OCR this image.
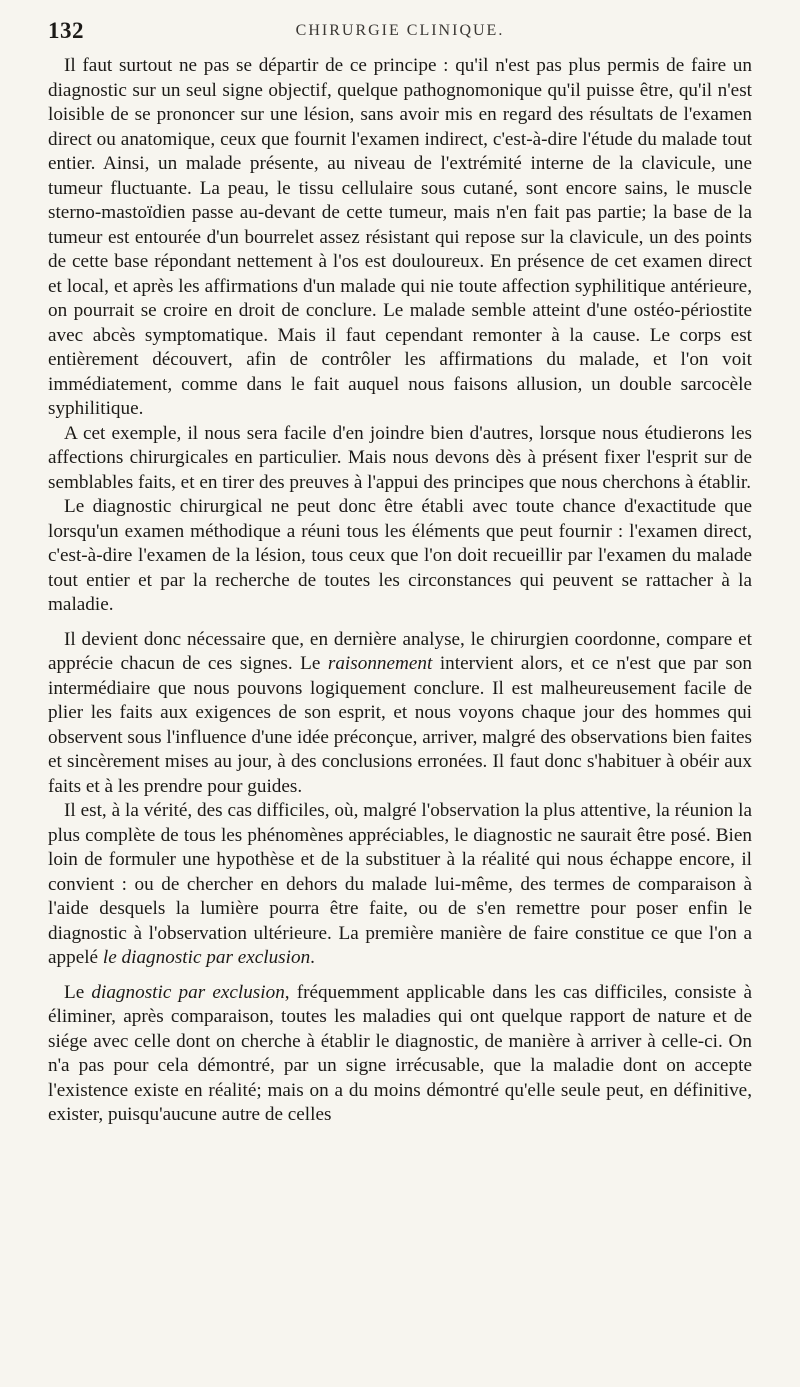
132	CHIRURGIE CLINIQUE.

Il faut surtout ne pas se départir de ce principe : qu'il n'est pas plus permis de faire un diagnostic sur un seul signe objectif, quelque pathognomonique qu'il puisse être, qu'il n'est loisible de se prononcer sur une lésion, sans avoir mis en regard des résultats de l'examen direct ou anatomique, ceux que fournit l'examen indirect, c'est-à-dire l'étude du malade tout entier. Ainsi, un malade présente, au niveau de l'extrémité interne de la clavicule, une tumeur fluctuante. La peau, le tissu cellulaire sous cutané, sont encore sains, le muscle sterno-mastoïdien passe au-devant de cette tumeur, mais n'en fait pas partie; la base de la tumeur est entourée d'un bourrelet assez résistant qui repose sur la clavicule, un des points de cette base répondant nettement à l'os est douloureux. En présence de cet examen direct et local, et après les affirmations d'un malade qui nie toute affection syphilitique antérieure, on pourrait se croire en droit de conclure. Le malade semble atteint d'une ostéo-périostite avec abcès symptomatique. Mais il faut cependant remonter à la cause. Le corps est entièrement découvert, afin de contrôler les affirmations du malade, et l'on voit immédiatement, comme dans le fait auquel nous faisons allusion, un double sarcocèle syphilitique.

A cet exemple, il nous sera facile d'en joindre bien d'autres, lorsque nous étudierons les affections chirurgicales en particulier. Mais nous devons dès à présent fixer l'esprit sur de semblables faits, et en tirer des preuves à l'appui des principes que nous cherchons à établir.

Le diagnostic chirurgical ne peut donc être établi avec toute chance d'exactitude que lorsqu'un examen méthodique a réuni tous les éléments que peut fournir : l'examen direct, c'est-à-dire l'examen de la lésion, tous ceux que l'on doit recueillir par l'examen du malade tout entier et par la recherche de toutes les circonstances qui peuvent se rattacher à la maladie.

Il devient donc nécessaire que, en dernière analyse, le chirurgien coordonne, compare et apprécie chacun de ces signes. Le raisonnement intervient alors, et ce n'est que par son intermédiaire que nous pouvons logiquement conclure. Il est malheureusement facile de plier les faits aux exigences de son esprit, et nous voyons chaque jour des hommes qui observent sous l'influence d'une idée préconçue, arriver, malgré des observations bien faites et sincèrement mises au jour, à des conclusions erronées. Il faut donc s'habituer à obéir aux faits et à les prendre pour guides.

Il est, à la vérité, des cas difficiles, où, malgré l'observation la plus attentive, la réunion la plus complète de tous les phénomènes appréciables, le diagnostic ne saurait être posé. Bien loin de formuler une hypothèse et de la substituer à la réalité qui nous échappe encore, il convient : ou de chercher en dehors du malade lui-même, des termes de comparaison à l'aide desquels la lumière pourra être faite, ou de s'en remettre pour poser enfin le diagnostic à l'observation ultérieure. La première manière de faire constitue ce que l'on a appelé le diagnostic par exclusion.

Le diagnostic par exclusion, fréquemment applicable dans les cas difficiles, consiste à éliminer, après comparaison, toutes les maladies qui ont quelque rapport de nature et de siége avec celle dont on cherche à établir le diagnostic, de manière à arriver à celle-ci. On n'a pas pour cela démontré, par un signe irrécusable, que la maladie dont on accepte l'existence existe en réalité; mais on a du moins démontré qu'elle seule peut, en définitive, exister, puisqu'aucune autre de celles
